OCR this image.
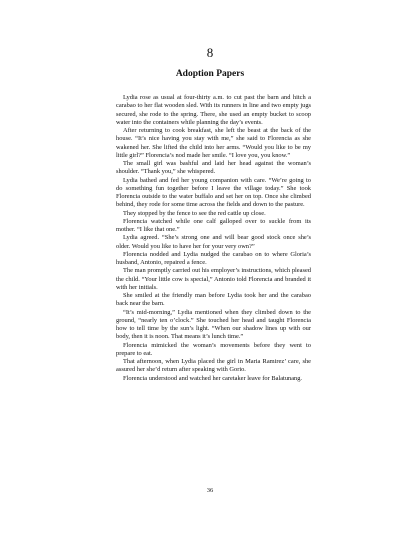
8
Adoption Papers

Lydia rose as usual at four-thirty a.m. to cut past the barn and hitch a carabao to her flat wooden sled. With its runners in line and two empty jugs secured, she rode to the spring. There, she used an empty bucket to scoop water into the containers while planning the day’s events.

After returning to cook breakfast, she left the beast at the back of the house. “It’s nice having you stay with me,” she said to Florencia as she wakened her. She lifted the child into her arms. “Would you like to be my little girl?” Florencia’s nod made her smile. “I love you, you know.”

The small girl was bashful and laid her head against the woman’s shoulder. “Thank you,” she whispered.

Lydia bathed and fed her young companion with care. “We’re going to do something fun together before I leave the village today.” She took Florencia outside to the water buffalo and set her on top. Once she climbed behind, they rode for some time across the fields and down to the pasture.

They stopped by the fence to see the red cattle up close.

Florencia watched while one calf galloped over to suckle from its mother. “I like that one.”

Lydia agreed. “She’s strong one and will bear good stock once she’s older. Would you like to have her for your very own?”

Florencia nodded and Lydia nudged the carabao on to where Gloria’s husband, Antonio, repaired a fence.

The man promptly carried out his employer’s instructions, which pleased the child. “Your little cow is special,” Antonio told Florencia and branded it with her initials.

She smiled at the friendly man before Lydia took her and the carabao back near the barn.

“It’s mid-morning,” Lydia mentioned when they climbed down to the ground, “nearly ten o’clock.” She touched her head and taught Florencia how to tell time by the sun’s light. “When our shadow lines up with our body, then it is noon. That means it’s lunch time.”

Florencia mimicked the woman’s movements before they went to prepare to eat.

That afternoon, when Lydia placed the girl in Maria Ramirez’ care, she assured her she’d return after speaking with Gorio.

Florencia understood and watched her caretaker leave for Balatunang.

36
